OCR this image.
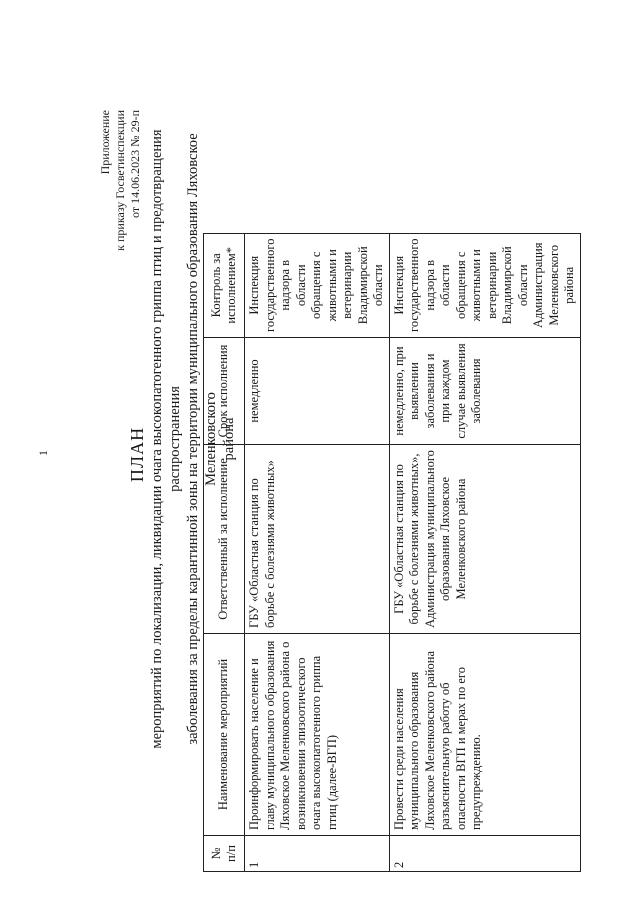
1
Приложение к приказу Госветинспекции от 14.06.2023 № 29-п
ПЛАН мероприятий по локализации, ликвидации очага высокопатогенного гриппа птиц и предотвращения распространения заболевания за пределы карантинной зоны на территории муниципального образования Ляховское Меленковского района
№ п/п	Наименование мероприятий	Ответственный за исполнение	Срок исполнения	Контроль за исполнением*
1	Проинформировать население и главу муниципального образования Ляховское Меленковского района о возникновении эпизоотического очага высокопатогенного гриппа птиц (далее-ВГП)	ГБУ «Областная станция по борьбе с болезнями животных»	немедленно	Инспекция государственного надзора в области обращения с животными и ветеринарии Владимирской области
2	Провести среди населения муниципального образования Ляховское Меленковского района разъяснительную работу об опасности ВГП и мерах по его предупреждению.	ГБУ «Областная станция по борьбе с болезнями животных», Администрация муниципального образования Ляховское Меленковского района	немедленно, при выявлении заболевания и при каждом случае выявления заболевания	Инспекция государственного надзора в области обращения с животными и ветеринарии Владимирской области Администрация Меленковского района
